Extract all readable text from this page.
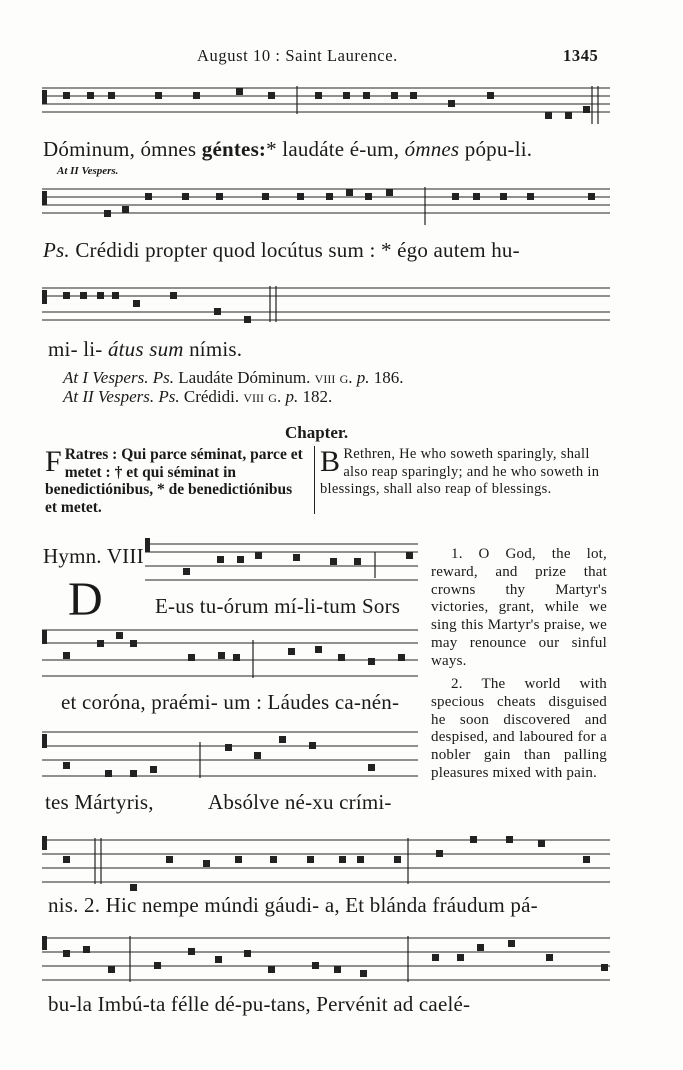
August 10 : Saint Laurence.	1345
Dóminum, ómnes géntes:* laudáte é-um, ómnes pópu-li.
At II Vespers.
Ps. Crédidi propter quod locútus sum : * égo autem hu-
mi- li- átus sum nímis.
At I Vespers. Ps. Laudáte Dóminum. viii g. p. 186.
At II Vespers. Ps. Crédidi. viii g. p. 182.
Chapter.
F Ratres : Qui parce séminat, parce et metet : † et qui séminat in benedictiónibus, * de benedictiónibus et metet.
B Rethren, He who soweth sparingly, shall also reap sparingly; and he who soweth in blessings, shall also reap of blessings.
Hymn. VIII
D E-us tu-órum mí-li-tum Sors
et coróna, praémi- um : Láudes ca-nén-
tes Mártyris,	Absólve né-xu crími-
nis. 2. Hic nempe múndi gáudi- a, Et blánda fráudum pá-
bu-la Imbú-ta félle dé-pu-tans, Pervénit ad caelé-
1. O God, the lot, reward, and prize that crowns thy Martyr's victories, grant, while we sing this Martyr's praise, we may renounce our sinful ways.
2. The world with specious cheats disguised he soon discovered and despised, and laboured for a nobler gain than palling pleasures mixed with pain.
